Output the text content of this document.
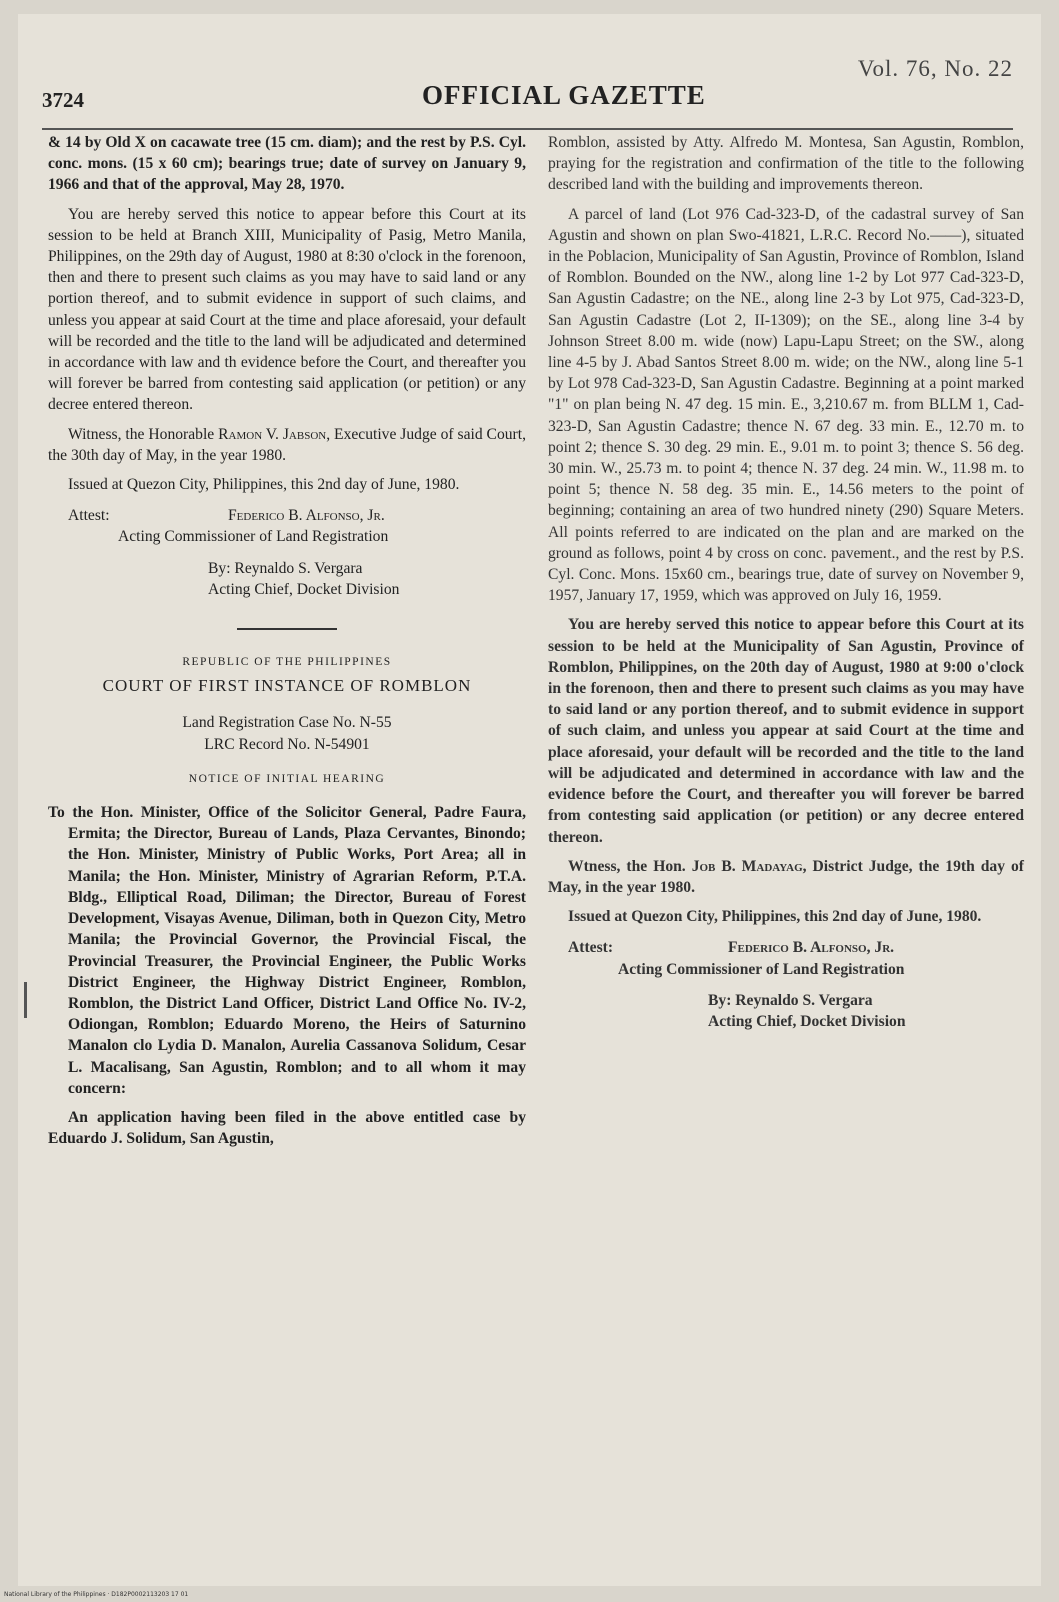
3724	OFFICIAL GAZETTE
Vol. 76, No. 22

& 14 by Old X on cacawate tree (15 cm. diam); and the rest by P.S. Cyl. conc. mons. (15 x 60 cm); bearings true; date of survey on January 9, 1966 and that of the approval, May 28, 1970.

You are hereby served this notice to appear before this Court at its session to be held at Branch XIII, Municipality of Pasig, Metro Manila, Philippines, on the 29th day of August, 1980 at 8:30 o'clock in the forenoon, then and there to present such claims as you may have to said land or any portion thereof, and to submit evidence in support of such claims, and unless you appear at said Court at the time and place aforesaid, your default will be recorded and the title to the land will be adjudicated and determined in accordance with law and th evidence before the Court, and thereafter you will forever be barred from contesting said application (or petition) or any decree entered thereon.

Witness, the Honorable Ramon V. Jabson, Executive Judge of said Court, the 30th day of May, in the year 1980.

Issued at Quezon City, Philippines, this 2nd day of June, 1980.

Attest:	Federico B. Alfonso, Jr.
Acting Commissioner of Land Registration
By: Reynaldo S. Vergara
Acting Chief, Docket Division
REPUBLIC OF THE PHILIPPINES
COURT OF FIRST INSTANCE OF ROMBLON
Land Registration Case No. N-55
LRC Record No. N-54901
NOTICE OF INITIAL HEARING

To the Hon. Minister, Office of the Solicitor General, Padre Faura, Ermita; the Director, Bureau of Lands, Plaza Cervantes, Binondo; the Hon. Minister, Ministry of Public Works, Port Area; all in Manila; the Hon. Minister, Ministry of Agrarian Reform, P.T.A. Bldg., Elliptical Road, Diliman; the Director, Bureau of Forest Development, Visayas Avenue, Diliman, both in Quezon City, Metro Manila; the Provincial Governor, the Provincial Fiscal, the Provincial Treasurer, the Provincial Engineer, the Public Works District Engineer, the Highway District Engineer, Romblon, Romblon, the District Land Officer, District Land Office No. IV-2, Odiongan, Romblon; Eduardo Moreno, the Heirs of Saturnino Manalon clo Lydia D. Manalon, Aurelia Cassanova Solidum, Cesar L. Macalisang, San Agustin, Romblon; and to all whom it may concern:

An application having been filed in the above entitled case by Eduardo J. Solidum, San Agustin,

Romblon, assisted by Atty. Alfredo M. Montesa, San Agustin, Romblon, praying for the registration and confirmation of the title to the following described land with the building and improvements thereon.

A parcel of land (Lot 976 Cad-323-D, of the cadastral survey of San Agustin and shown on plan Swo-41821, L.R.C. Record No.——), situated in the Poblacion, Municipality of San Agustin, Province of Romblon, Island of Romblon. Bounded on the NW., along line 1-2 by Lot 977 Cad-323-D, San Agustin Cadastre; on the NE., along line 2-3 by Lot 975, Cad-323-D, San Agustin Cadastre (Lot 2, II-1309); on the SE., along line 3-4 by Johnson Street 8.00 m. wide (now) Lapu-Lapu Street; on the SW., along line 4-5 by J. Abad Santos Street 8.00 m. wide; on the NW., along line 5-1 by Lot 978 Cad-323-D, San Agustin Cadastre. Beginning at a point marked "1" on plan being N. 47 deg. 15 min. E., 3,210.67 m. from BLLM 1, Cad-323-D, San Agustin Cadastre; thence N. 67 deg. 33 min. E., 12.70 m. to point 2; thence S. 30 deg. 29 min. E., 9.01 m. to point 3; thence S. 56 deg. 30 min. W., 25.73 m. to point 4; thence N. 37 deg. 24 min. W., 11.98 m. to point 5; thence N. 58 deg. 35 min. E., 14.56 meters to the point of beginning; containing an area of two hundred ninety (290) Square Meters. All points referred to are indicated on the plan and are marked on the ground as follows, point 4 by cross on conc. pavement., and the rest by P.S. Cyl. Conc. Mons. 15x60 cm., bearings true, date of survey on November 9, 1957, January 17, 1959, which was approved on July 16, 1959.

You are hereby served this notice to appear before this Court at its session to be held at the Municipality of San Agustin, Province of Romblon, Philippines, on the 20th day of August, 1980 at 9:00 o'clock in the forenoon, then and there to present such claims as you may have to said land or any portion thereof, and to submit evidence in support of such claim, and unless you appear at said Court at the time and place aforesaid, your default will be recorded and the title to the land will be adjudicated and determined in accordance with law and the evidence before the Court, and thereafter you will forever be barred from contesting said application (or petition) or any decree entered thereon.

Wtness, the Hon. Job B. Madayag, District Judge, the 19th day of May, in the year 1980.

Issued at Quezon City, Philippines, this 2nd day of June, 1980.

Attest:	Federico B. Alfonso, Jr.
Acting Commissioner of Land Registration
By: Reynaldo S. Vergara
Acting Chief, Docket Division
National Library of the Philippines · D182P0002113203 17 01
